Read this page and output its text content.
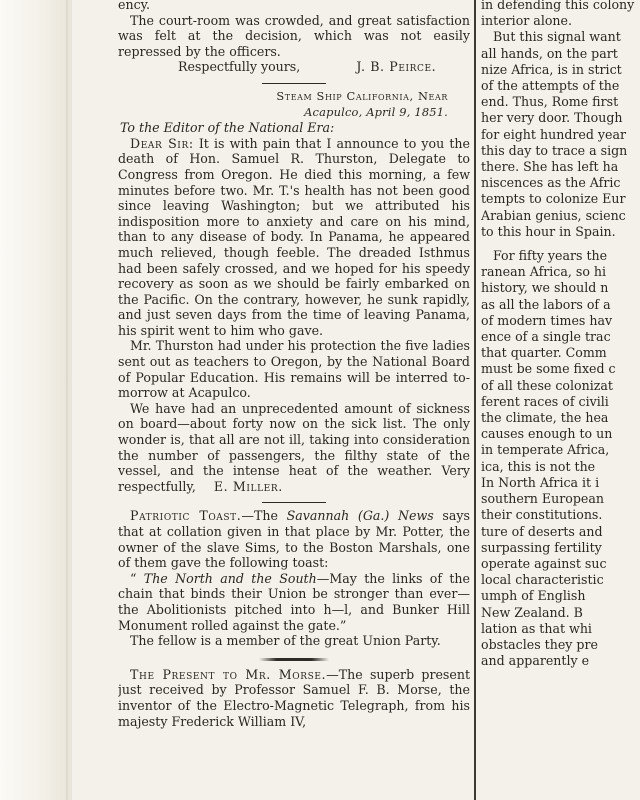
ency.

The court-room was crowded, and great satisfaction was felt at the decision, which was not easily repressed by the officers.

Respectfully yours,	J. B. Peirce.
Steam Ship California, Near
Acapulco, April 9, 1851.
To the Editor of the National Era:

Dear Sir: It is with pain that I announce to you the death of Hon. Samuel R. Thurston, Delegate to Congress from Oregon. He died this morning, a few minutes before two. Mr. T.'s health has not been good since leaving Washington; but we attributed his indisposition more to anxiety and care on his mind, than to any disease of body. In Panama, he appeared much relieved, though feeble. The dreaded Isthmus had been safely crossed, and we hoped for his speedy recovery as soon as we should be fairly embarked on the Pacific. On the contrary, however, he sunk rapidly, and just seven days from the time of leaving Panama, his spirit went to him who gave.

Mr. Thurston had under his protection the five ladies sent out as teachers to Oregon, by the National Board of Popular Education. His remains will be interred to-morrow at Acapulco.

We have had an unprecedented amount of sickness on board—about forty now on the sick list. The only wonder is, that all are not ill, taking into consideration the number of passengers, the filthy state of the vessel, and the intense heat of the weather. Very respectfully, E. Miller.

Patriotic Toast.—The Savannah (Ga.) News says that at collation given in that place by Mr. Potter, the owner of the slave Sims, to the Boston Marshals, one of them gave the following toast:

“ The North and the South—May the links of the chain that binds their Union be stronger than ever—the Abolitionists pitched into h—l, and Bunker Hill Monument rolled against the gate.”

The fellow is a member of the great Union Party.

The Present to Mr. Morse.—The superb present just received by Professor Samuel F. B. Morse, the inventor of the Electro-Magnetic Telegraph, from his majesty Frederick William IV,

in defending this colony
interior alone.
But this signal want
all hands, on the part
nize Africa, is in strict
of the attempts of the
end. Thus, Rome first
her very door. Though
for eight hundred year
this day to trace a sign
there. She has left ha
niscences as the Afric
tempts to colonize Eur
Arabian genius, scienc
to this hour in Spain.
For fifty years the
ranean Africa, so hi
history, we should n
as all the labors of a
of modern times hav
ence of a single trac
that quarter. Comm
must be some fixed c
of all these colonizat
ferent races of civili
the climate, the hea
causes enough to un
in temperate Africa,
ica, this is not the
In North Africa it i
southern European
their constitutions.
ture of deserts and
surpassing fertility
operate against suc
local characteristic
umph of English
New Zealand. B
lation as that whi
obstacles they pre
and apparently e
